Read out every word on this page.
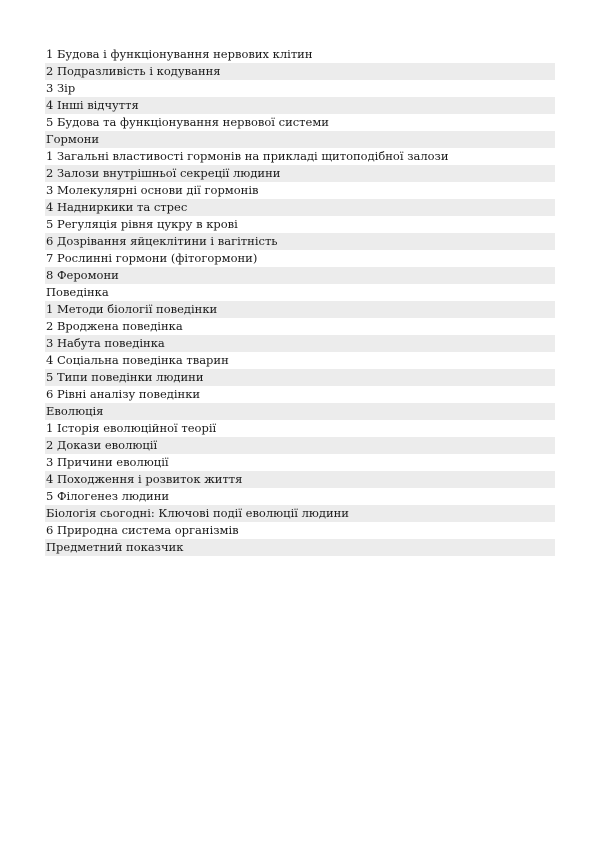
1 Будова і функціонування нервових клітин
2 Подразливість і кодування
3 Зір
4 Інші відчуття
5 Будова та функціонування нервової системи
Гормони
1 Загальні властивості гормонів на прикладі щитоподібної залози
2 Залози внутрішньої секреції людини
3 Молекулярні основи дії гормонів
4 Надниркики та стрес
5 Регуляція рівня цукру в крові
6 Дозрівання яйцеклітини і вагітність
7 Рослинні гормони (фітогормони)
8 Феромони
Поведінка
1 Методи біології поведінки
2 Вроджена поведінка
3 Набута поведінка
4 Соціальна поведінка тварин
5 Типи поведінки людини
6 Рівні аналізу поведінки
Еволюція
1 Історія еволюційної теорії
2 Докази еволюції
3 Причини еволюції
4 Походження і розвиток життя
5 Філогенез людини
Біологія сьогодні: Ключові події еволюції людини
6 Природна система організмів
Предметний показчик
